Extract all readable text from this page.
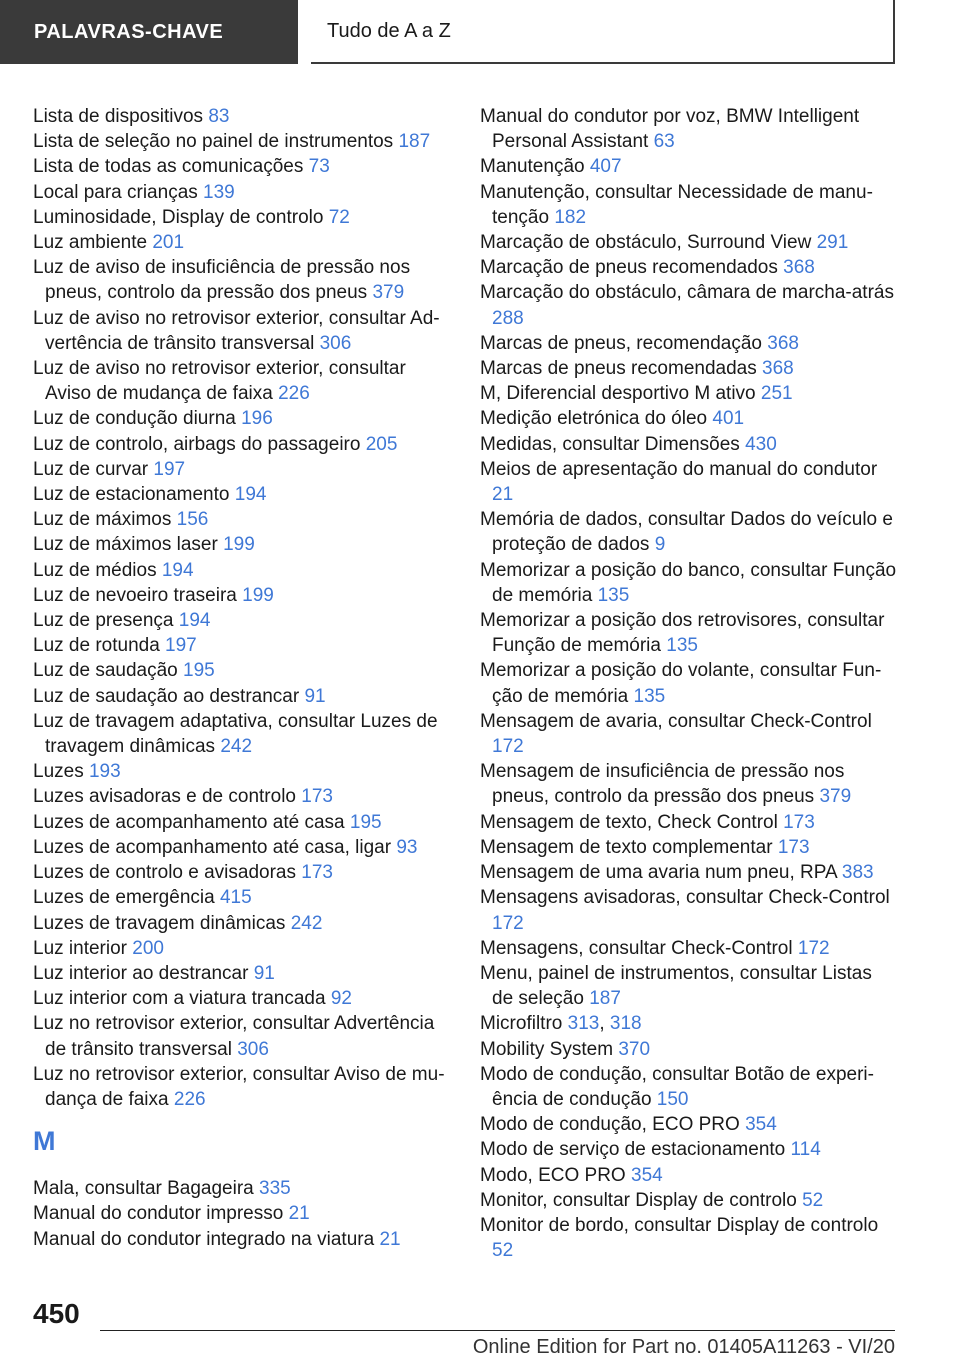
PALAVRAS-CHAVE	Tudo de A a Z
Lista de dispositivos 83
Lista de seleção no painel de instrumentos 187
Lista de todas as comunicações 73
Local para crianças 139
Luminosidade, Display de controlo 72
Luz ambiente 201
Luz de aviso de insuficiência de pressão nos pneus, controlo da pressão dos pneus 379
Luz de aviso no retrovisor exterior, consultar Advertência de trânsito transversal 306
Luz de aviso no retrovisor exterior, consultar Aviso de mudança de faixa 226
Luz de condução diurna 196
Luz de controlo, airbags do passageiro 205
Luz de curvar 197
Luz de estacionamento 194
Luz de máximos 156
Luz de máximos laser 199
Luz de médios 194
Luz de nevoeiro traseira 199
Luz de presença 194
Luz de rotunda 197
Luz de saudação 195
Luz de saudação ao destrancar 91
Luz de travagem adaptativa, consultar Luzes de travagem dinâmicas 242
Luzes 193
Luzes avisadoras e de controlo 173
Luzes de acompanhamento até casa 195
Luzes de acompanhamento até casa, ligar 93
Luzes de controlo e avisadoras 173
Luzes de emergência 415
Luzes de travagem dinâmicas 242
Luz interior 200
Luz interior ao destrancar 91
Luz interior com a viatura trancada 92
Luz no retrovisor exterior, consultar Advertência de trânsito transversal 306
Luz no retrovisor exterior, consultar Aviso de mudança de faixa 226
M
Mala, consultar Bagageira 335
Manual do condutor impresso 21
Manual do condutor integrado na viatura 21
Manual do condutor por voz, BMW Intelligent Personal Assistant 63
Manutenção 407
Manutenção, consultar Necessidade de manutenção 182
Marcação de obstáculo, Surround View 291
Marcação de pneus recomendados 368
Marcação do obstáculo, câmara de marcha-atrás 288
Marcas de pneus, recomendação 368
Marcas de pneus recomendadas 368
M, Diferencial desportivo M ativo 251
Medição eletrónica do óleo 401
Medidas, consultar Dimensões 430
Meios de apresentação do manual do condutor 21
Memória de dados, consultar Dados do veículo e proteção de dados 9
Memorizar a posição do banco, consultar Função de memória 135
Memorizar a posição dos retrovisores, consultar Função de memória 135
Memorizar a posição do volante, consultar Função de memória 135
Mensagem de avaria, consultar Check-Control 172
Mensagem de insuficiência de pressão nos pneus, controlo da pressão dos pneus 379
Mensagem de texto, Check Control 173
Mensagem de texto complementar 173
Mensagem de uma avaria num pneu, RPA 383
Mensagens avisadoras, consultar Check-Control 172
Mensagens, consultar Check-Control 172
Menu, painel de instrumentos, consultar Listas de seleção 187
Microfiltro 313, 318
Mobility System 370
Modo de condução, consultar Botão de experiência de condução 150
Modo de condução, ECO PRO 354
Modo de serviço de estacionamento 114
Modo, ECO PRO 354
Monitor, consultar Display de controlo 52
Monitor de bordo, consultar Display de controlo 52
450
Online Edition for Part no. 01405A11263 - VI/20
